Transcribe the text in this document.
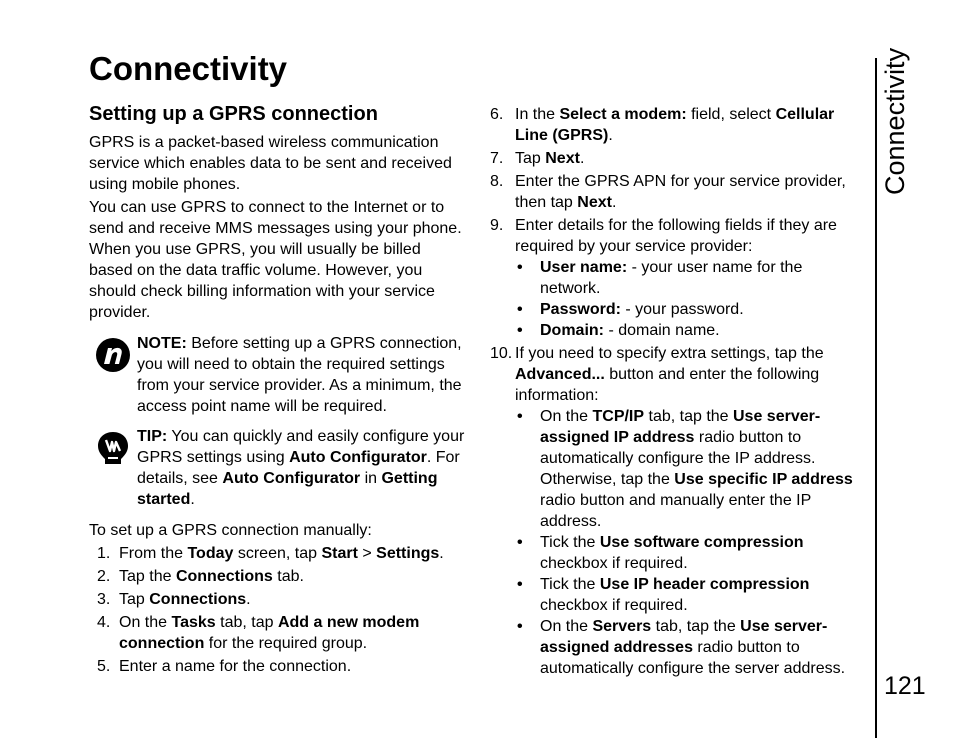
Connectivity
Setting up a GPRS connection

GPRS is a packet-based wireless communication service which enables data to be sent and received using mobile phones.

You can use GPRS to connect to the Internet or to send and receive MMS messages using your phone. When you use GPRS, you will usually be billed based on the data traffic volume. However, you should check billing information with your service provider.

NOTE: Before setting up a GPRS connection, you will need to obtain the required settings from your service provider. As a minimum, the access point name will be required.
TIP: You can quickly and easily configure your GPRS settings using Auto Configurator. For details, see Auto Configurator in Getting started.

To set up a GPRS connection manually:

1. From the Today screen, tap Start > Settings.
2. Tap the Connections tab.
3. Tap Connections.
4. On the Tasks tab, tap Add a new modem connection for the required group.
5. Enter a name for the connection.
6. In the Select a modem: field, select Cellular Line (GPRS).
7. Tap Next.
8. Enter the GPRS APN for your service provider, then tap Next.
9. Enter details for the following fields if they are required by your service provider:
• User name: - your user name for the network.
• Password: - your password.
• Domain: - domain name.
10. If you need to specify extra settings, tap the Advanced... button and enter the following information:
• On the TCP/IP tab, tap the Use server-assigned IP address radio button to automatically configure the IP address. Otherwise, tap the Use specific IP address radio button and manually enter the IP address.
• Tick the Use software compression checkbox if required.
• Tick the Use IP header compression checkbox if required.
• On the Servers tab, tap the Use server-assigned addresses radio button to automatically configure the server address.
Connectivity
121
